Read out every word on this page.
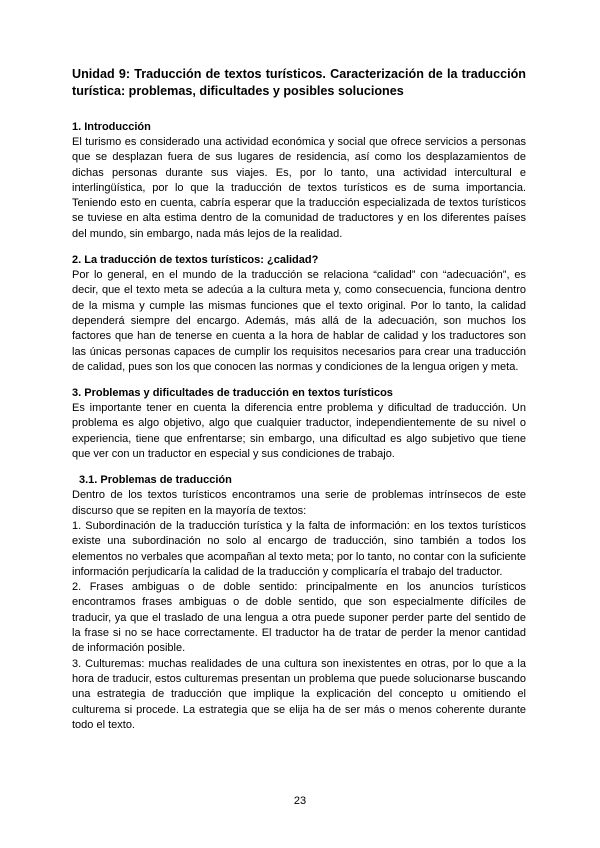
Unidad 9: Traducción de textos turísticos. Caracterización de la traducción turística: problemas, dificultades y posibles soluciones
1. Introducción

El turismo es considerado una actividad económica y social que ofrece servicios a personas que se desplazan fuera de sus lugares de residencia, así como los desplazamientos de dichas personas durante sus viajes. Es, por lo tanto, una actividad intercultural e interlingüística, por lo que la traducción de textos turísticos es de suma importancia. Teniendo esto en cuenta, cabría esperar que la traducción especializada de textos turísticos se tuviese en alta estima dentro de la comunidad de traductores y en los diferentes países del mundo, sin embargo, nada más lejos de la realidad.

2. La traducción de textos turísticos: ¿calidad?

Por lo general, en el mundo de la traducción se relaciona “calidad” con “adecuación”, es decir, que el texto meta se adecúa a la cultura meta y, como consecuencia, funciona dentro de la misma y cumple las mismas funciones que el texto original. Por lo tanto, la calidad dependerá siempre del encargo. Además, más allá de la adecuación, son muchos los factores que han de tenerse en cuenta a la hora de hablar de calidad y los traductores son las únicas personas capaces de cumplir los requisitos necesarios para crear una traducción de calidad, pues son los que conocen las normas y condiciones de la lengua origen y meta.

3. Problemas y dificultades de traducción en textos turísticos

Es importante tener en cuenta la diferencia entre problema y dificultad de traducción. Un problema es algo objetivo, algo que cualquier traductor, independientemente de su nivel o experiencia, tiene que enfrentarse; sin embargo, una dificultad es algo subjetivo que tiene que ver con un traductor en especial y sus condiciones de trabajo.

3.1. Problemas de traducción

Dentro de los textos turísticos encontramos una serie de problemas intrínsecos de este discurso que se repiten en la mayoría de textos:

1. Subordinación de la traducción turística y la falta de información: en los textos turísticos existe una subordinación no solo al encargo de traducción, sino también a todos los elementos no verbales que acompañan al texto meta; por lo tanto, no contar con la suficiente información perjudicaría la calidad de la traducción y complicaría el trabajo del traductor.

2. Frases ambiguas o de doble sentido: principalmente en los anuncios turísticos encontramos frases ambiguas o de doble sentido, que son especialmente difíciles de traducir, ya que el traslado de una lengua a otra puede suponer perder parte del sentido de la frase si no se hace correctamente. El traductor ha de tratar de perder la menor cantidad de información posible.

3. Culturemas: muchas realidades de una cultura son inexistentes en otras, por lo que a la hora de traducir, estos culturemas presentan un problema que puede solucionarse buscando una estrategia de traducción que implique la explicación del concepto u omitiendo el culturema si procede. La estrategia que se elija ha de ser más o menos coherente durante todo el texto.

23
